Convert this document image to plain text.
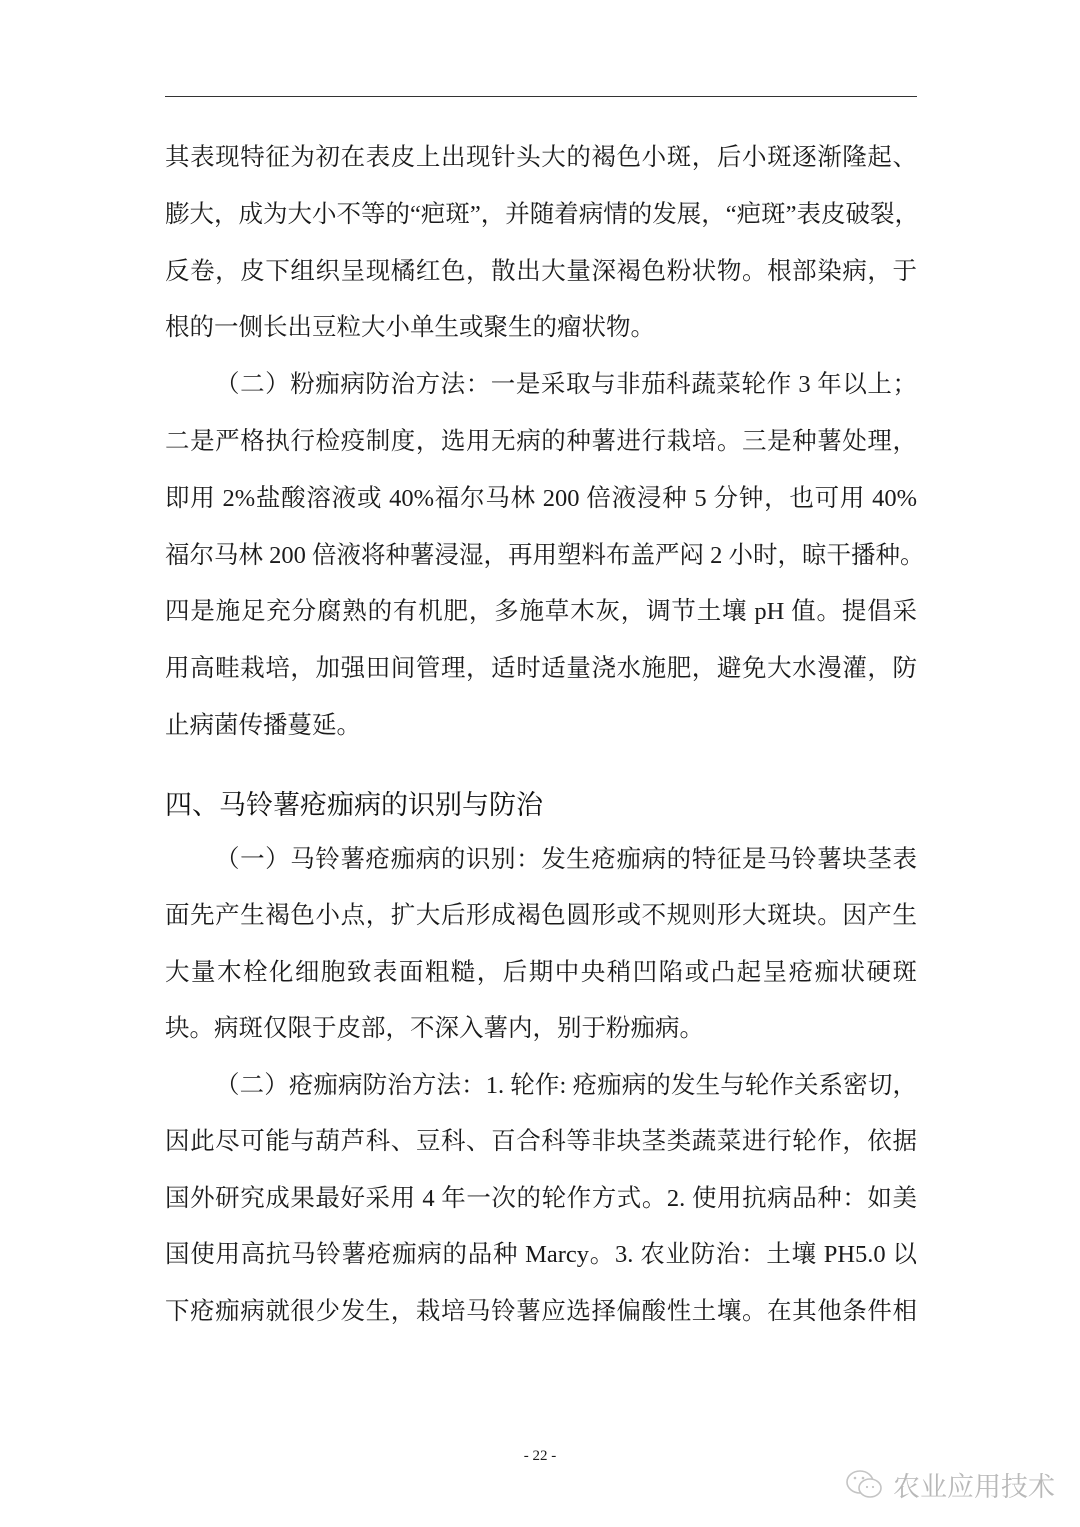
其表现特征为初在表皮上出现针头大的褐色小斑，后小斑逐渐隆起、
膨大，成为大小不等的“疤斑”，并随着病情的发展，“疤斑”表皮破裂，
反卷，皮下组织呈现橘红色，散出大量深褐色粉状物。根部染病，于
根的一侧长出豆粒大小单生或聚生的瘤状物。
（二）粉痂病防治方法：一是采取与非茄科蔬菜轮作 3 年以上；
二是严格执行检疫制度，选用无病的种薯进行栽培。三是种薯处理，
即用 2%盐酸溶液或 40%福尔马林 200 倍液浸种 5 分钟，也可用 40%
福尔马林 200 倍液将种薯浸湿，再用塑料布盖严闷 2 小时，晾干播种。
四是施足充分腐熟的有机肥，多施草木灰，调节土壤 pH 值。提倡采
用高畦栽培，加强田间管理，适时适量浇水施肥，避免大水漫灌，防
止病菌传播蔓延。
四、马铃薯疮痂病的识别与防治
（一）马铃薯疮痂病的识别：发生疮痂病的特征是马铃薯块茎表
面先产生褐色小点，扩大后形成褐色圆形或不规则形大斑块。因产生
大量木栓化细胞致表面粗糙，后期中央稍凹陷或凸起呈疮痂状硬斑
块。病斑仅限于皮部，不深入薯内，别于粉痂病。
（二）疮痂病防治方法：1. 轮作: 疮痂病的发生与轮作关系密切，
因此尽可能与葫芦科、豆科、百合科等非块茎类蔬菜进行轮作，依据
国外研究成果最好采用 4 年一次的轮作方式。2. 使用抗病品种：如美
国使用高抗马铃薯疮痂病的品种 Marcy。3. 农业防治：土壤 PH5.0 以
下疮痂病就很少发生，栽培马铃薯应选择偏酸性土壤。在其他条件相
- 22 -
农业应用技术
